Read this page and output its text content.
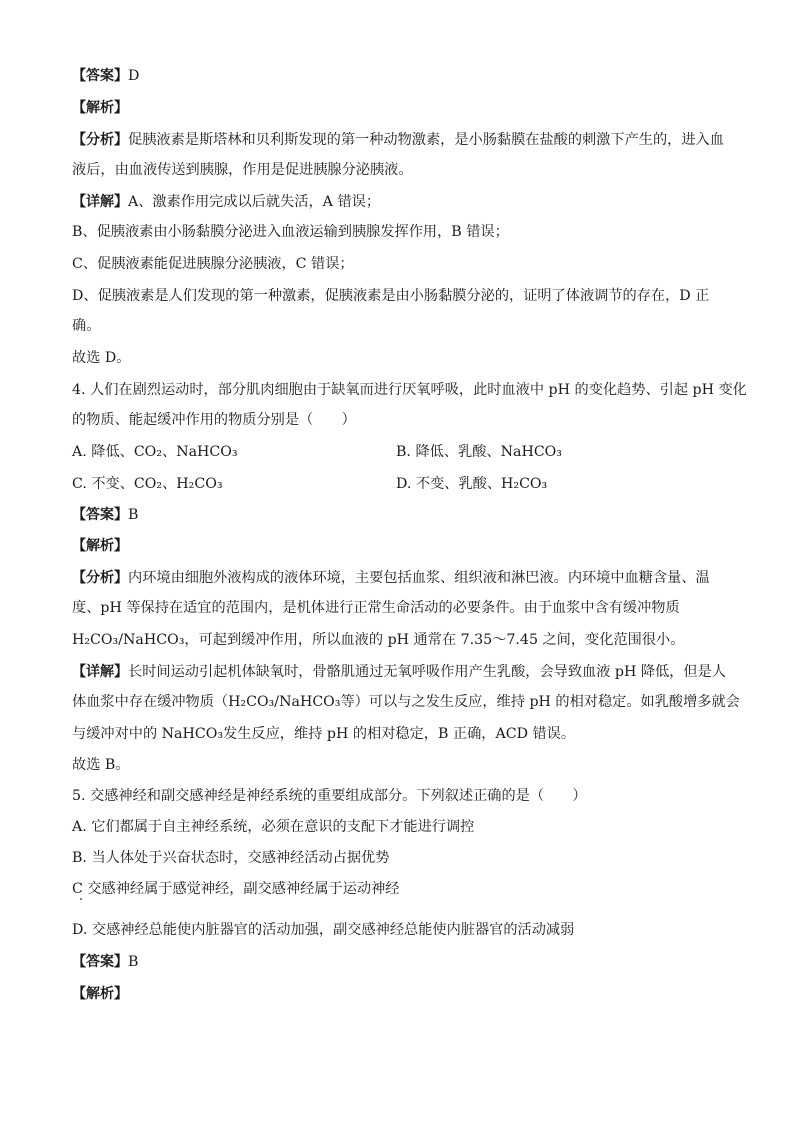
【答案】D
【解析】
【分析】促胰液素是斯塔林和贝利斯发现的第一种动物激素，是小肠黏膜在盐酸的刺激下产生的，进入血
液后，由血液传送到胰腺，作用是促进胰腺分泌胰液。
【详解】A、激素作用完成以后就失活，A 错误；
B、促胰液素由小肠黏膜分泌进入血液运输到胰腺发挥作用，B 错误；
C、促胰液素能促进胰腺分泌胰液，C 错误；
D、促胰液素是人们发现的第一种激素，促胰液素是由小肠黏膜分泌的，证明了体液调节的存在，D 正
确。
故选 D。
4. 人们在剧烈运动时，部分肌肉细胞由于缺氧而进行厌氧呼吸，此时血液中 pH 的变化趋势、引起 pH 变化
的物质、能起缓冲作用的物质分别是（　　）
A. 降低、CO₂、NaHCO₃	B. 降低、乳酸、NaHCO₃
C. 不变、CO₂、H₂CO₃	D. 不变、乳酸、H₂CO₃
【答案】B
【解析】
【分析】内环境由细胞外液构成的液体环境，主要包括血浆、组织液和淋巴液。内环境中血糖含量、温
度、pH 等保持在适宜的范围内，是机体进行正常生命活动的必要条件。由于血浆中含有缓冲物质
H₂CO₃/NaHCO₃，可起到缓冲作用，所以血液的 pH 通常在 7.35～7.45 之间，变化范围很小。
【详解】长时间运动引起机体缺氧时，骨骼肌通过无氧呼吸作用产生乳酸，会导致血液 pH 降低，但是人
体血浆中存在缓冲物质（H₂CO₃/NaHCO₃等）可以与之发生反应，维持 pH 的相对稳定。如乳酸增多就会
与缓冲对中的 NaHCO₃发生反应，维持 pH 的相对稳定，B 正确，ACD 错误。
故选 B。
5. 交感神经和副交感神经是神经系统的重要组成部分。下列叙述正确的是（　　）
A. 它们都属于自主神经系统，必须在意识的支配下才能进行调控
B. 当人体处于兴奋状态时，交感神经活动占据优势
C 交感神经属于感觉神经，副交感神经属于运动神经
D. 交感神经总能使内脏器官的活动加强，副交感神经总能使内脏器官的活动减弱
【答案】B
【解析】
